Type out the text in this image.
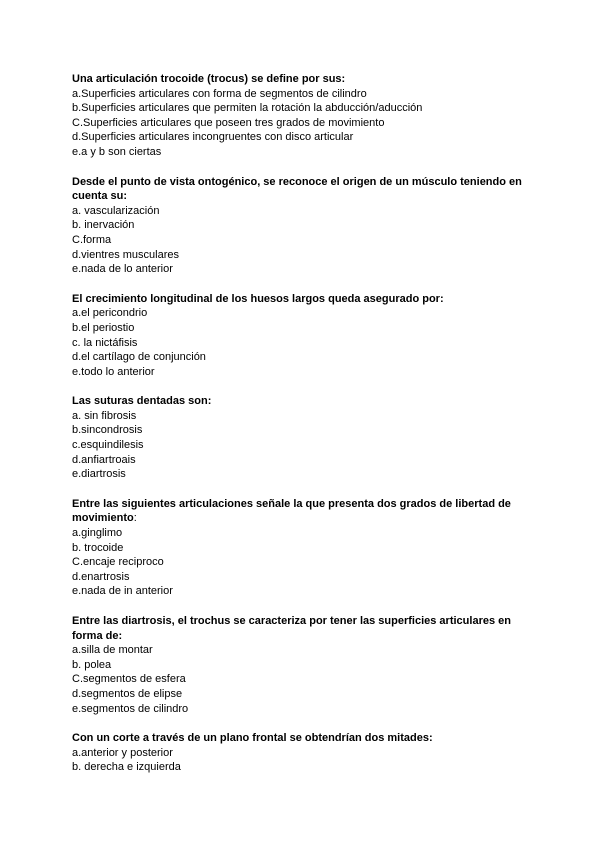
Una articulación trocoide (trocus) se define por sus:

a.Superficies articulares con forma de segmentos de cilindro

b.Superficies articulares que permiten la rotación la abducción/aducción

C.Superficies articulares que poseen tres grados de movimiento

d.Superficies articulares incongruentes con disco articular

e.a y b son ciertas

Desde el punto de vista ontogénico, se reconoce el origen de un músculo teniendo en cuenta su:

a. vascularización

b. inervación

C.forma

d.vientres musculares

e.nada de lo anterior

El crecimiento longitudinal de los huesos largos queda asegurado por:

a.el pericondrio

b.el periostio

c. la nictáfisis

d.el cartílago de conjunción

e.todo lo anterior

Las suturas dentadas son:

a. sin fibrosis

b.sincondrosis

c.esquindilesis

d.anfiartroais

e.diartrosis

Entre las siguientes articulaciones señale la que presenta dos grados de libertad de movimiento:

a.ginglimo

b. trocoide

C.encaje reciproco

d.enartrosis

e.nada de in anterior

Entre las diartrosis, el trochus se caracteriza por tener las superficies articulares en forma de:

a.silla de montar

b. polea

C.segmentos de esfera

d.segmentos de elipse

e.segmentos de cilindro

Con un corte a través de un plano frontal se obtendrían dos mitades:

a.anterior y posterior

b. derecha e izquierda
